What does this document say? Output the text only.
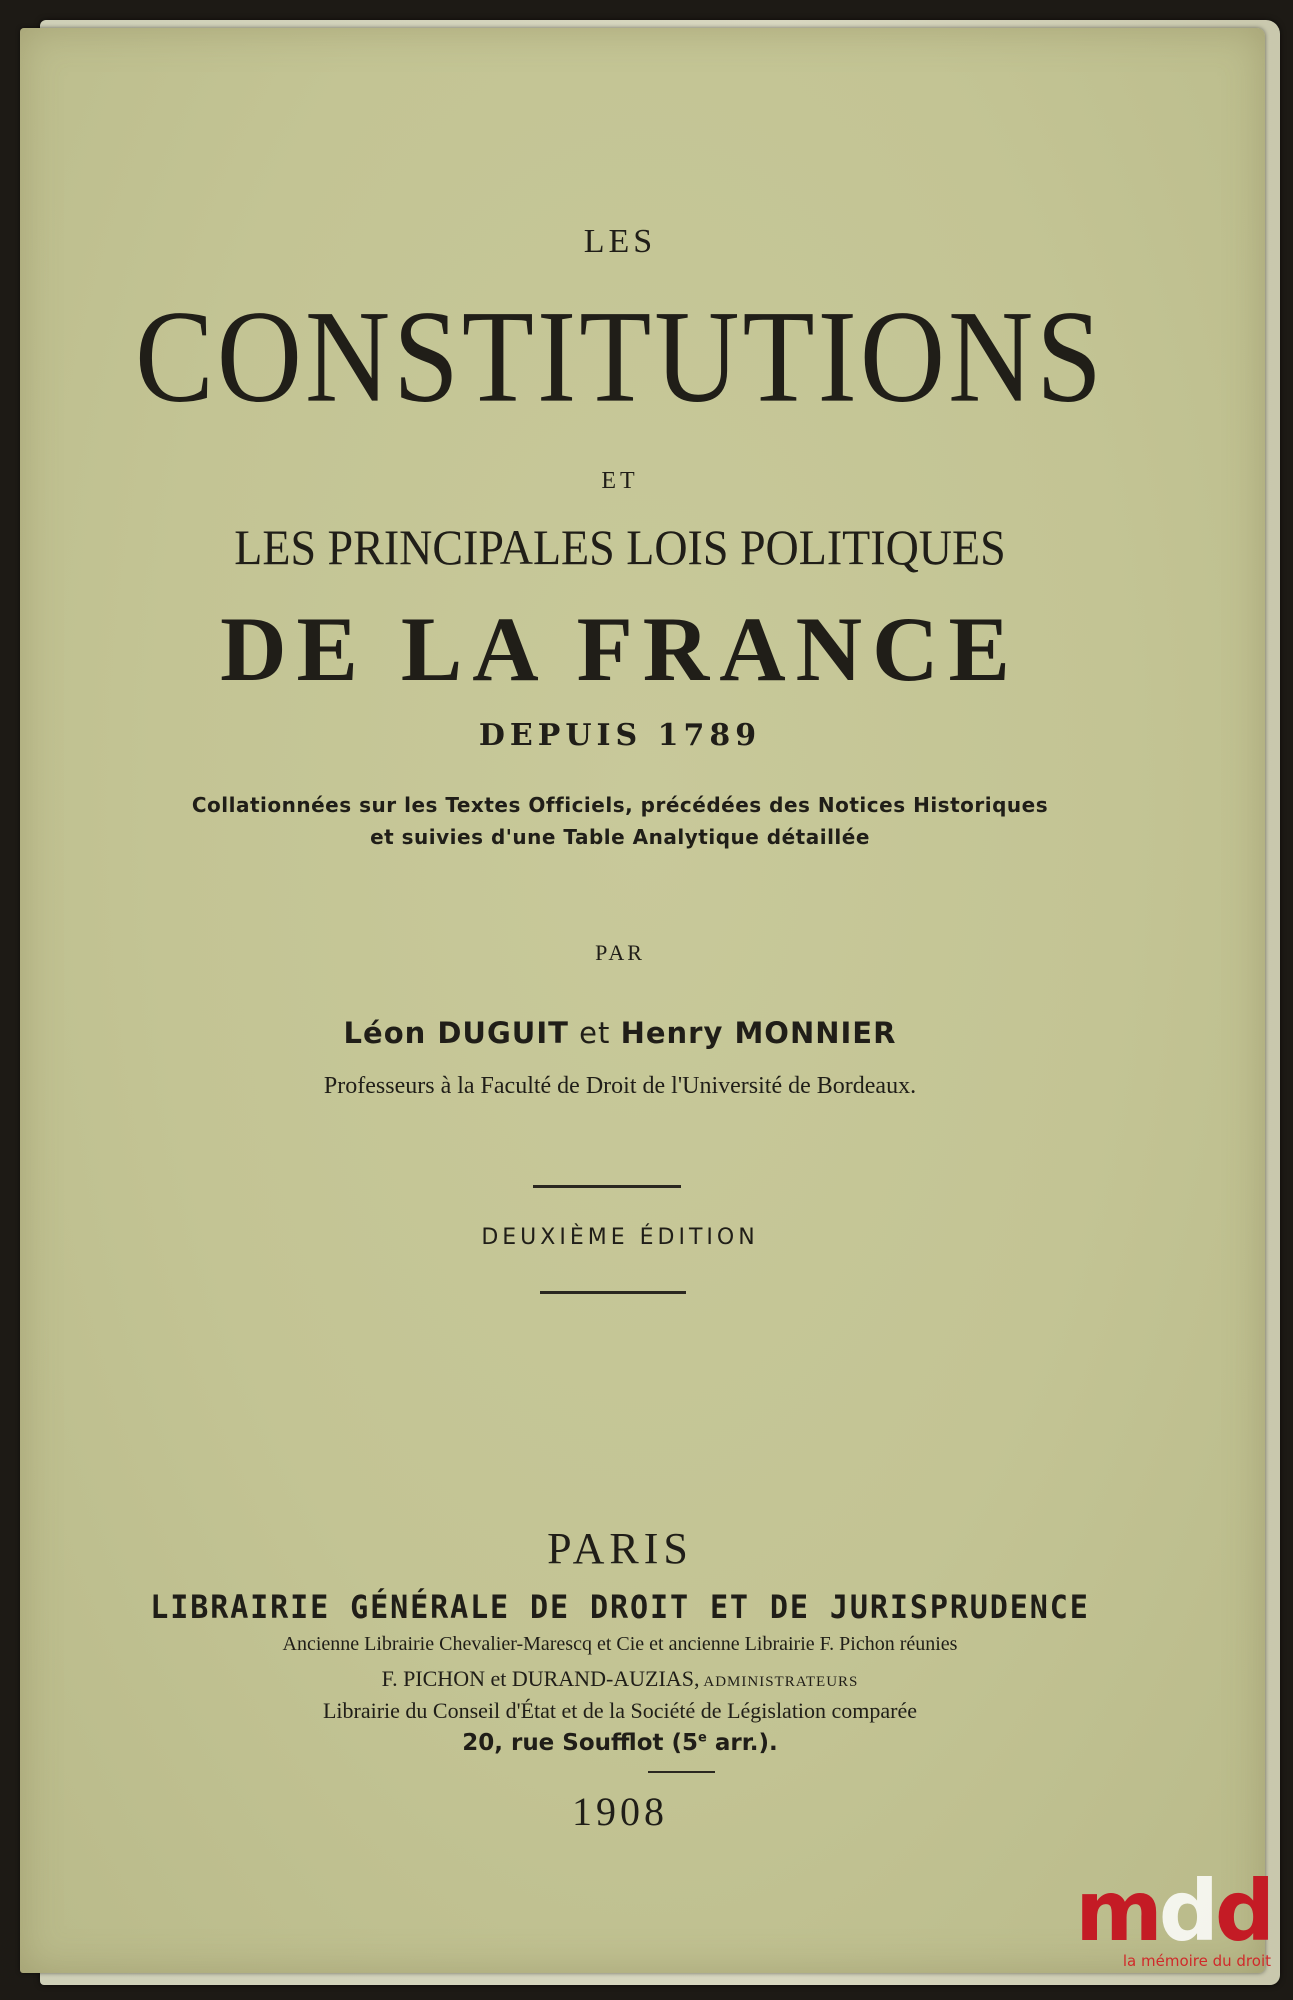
LES
CONSTITUTIONS
ET
LES PRINCIPALES LOIS POLITIQUES
DE LA FRANCE
DEPUIS 1789
Collationnées sur les Textes Officiels, précédées des Notices Historiques
et suivies d'une Table Analytique détaillée
PAR
Léon DUGUIT et Henry MONNIER
Professeurs à la Faculté de Droit de l'Université de Bordeaux.
DEUXIÈME ÉDITION
PARIS
LIBRAIRIE GÉNÉRALE DE DROIT ET DE JURISPRUDENCE
Ancienne Librairie Chevalier-Marescq et Cie et ancienne Librairie F. Pichon réunies
F. PICHON et DURAND-AUZIAS, ADMINISTRATEURS
Librairie du Conseil d'État et de la Société de Législation comparée
20, rue Soufflot (5e arr.).
1908
mdd
la mémoire du droit
